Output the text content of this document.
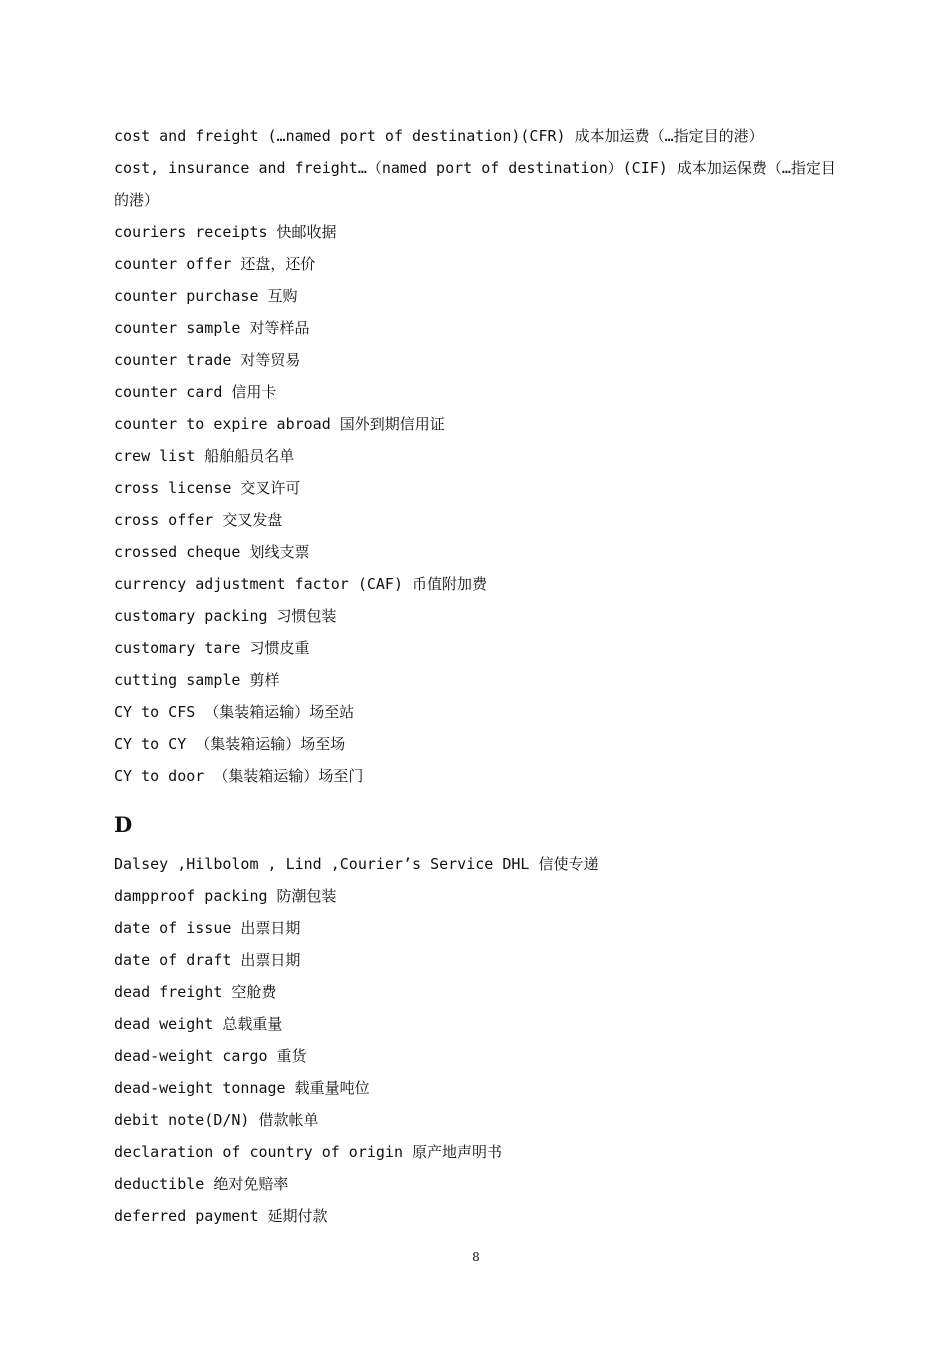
cost and freight (…named port of destination)(CFR) 成本加运费（…指定目的港）

cost, insurance and freight…（named port of destination）(CIF) 成本加运保费（…指定目的港）

couriers receipts 快邮收据

counter offer 还盘，还价

counter purchase 互购

counter sample 对等样品

counter trade 对等贸易

counter card 信用卡

counter to expire abroad 国外到期信用证

crew list 船舶船员名单

cross license 交叉许可

cross offer 交叉发盘

crossed cheque 划线支票

currency adjustment factor (CAF) 币值附加费

customary packing 习惯包装

customary tare 习惯皮重

cutting sample 剪样

CY to CFS （集装箱运输）场至站

CY to CY （集装箱运输）场至场

CY to door （集装箱运输）场至门

D

Dalsey ,Hilbolom , Lind ,Courier’s Service DHL 信使专递

dampproof packing 防潮包装

date of issue 出票日期

date of draft 出票日期

dead freight 空舱费

dead weight 总载重量

dead-weight cargo 重货

dead-weight tonnage 载重量吨位

debit note(D/N) 借款帐单

declaration of country of origin 原产地声明书

deductible 绝对免赔率

deferred payment 延期付款

8
